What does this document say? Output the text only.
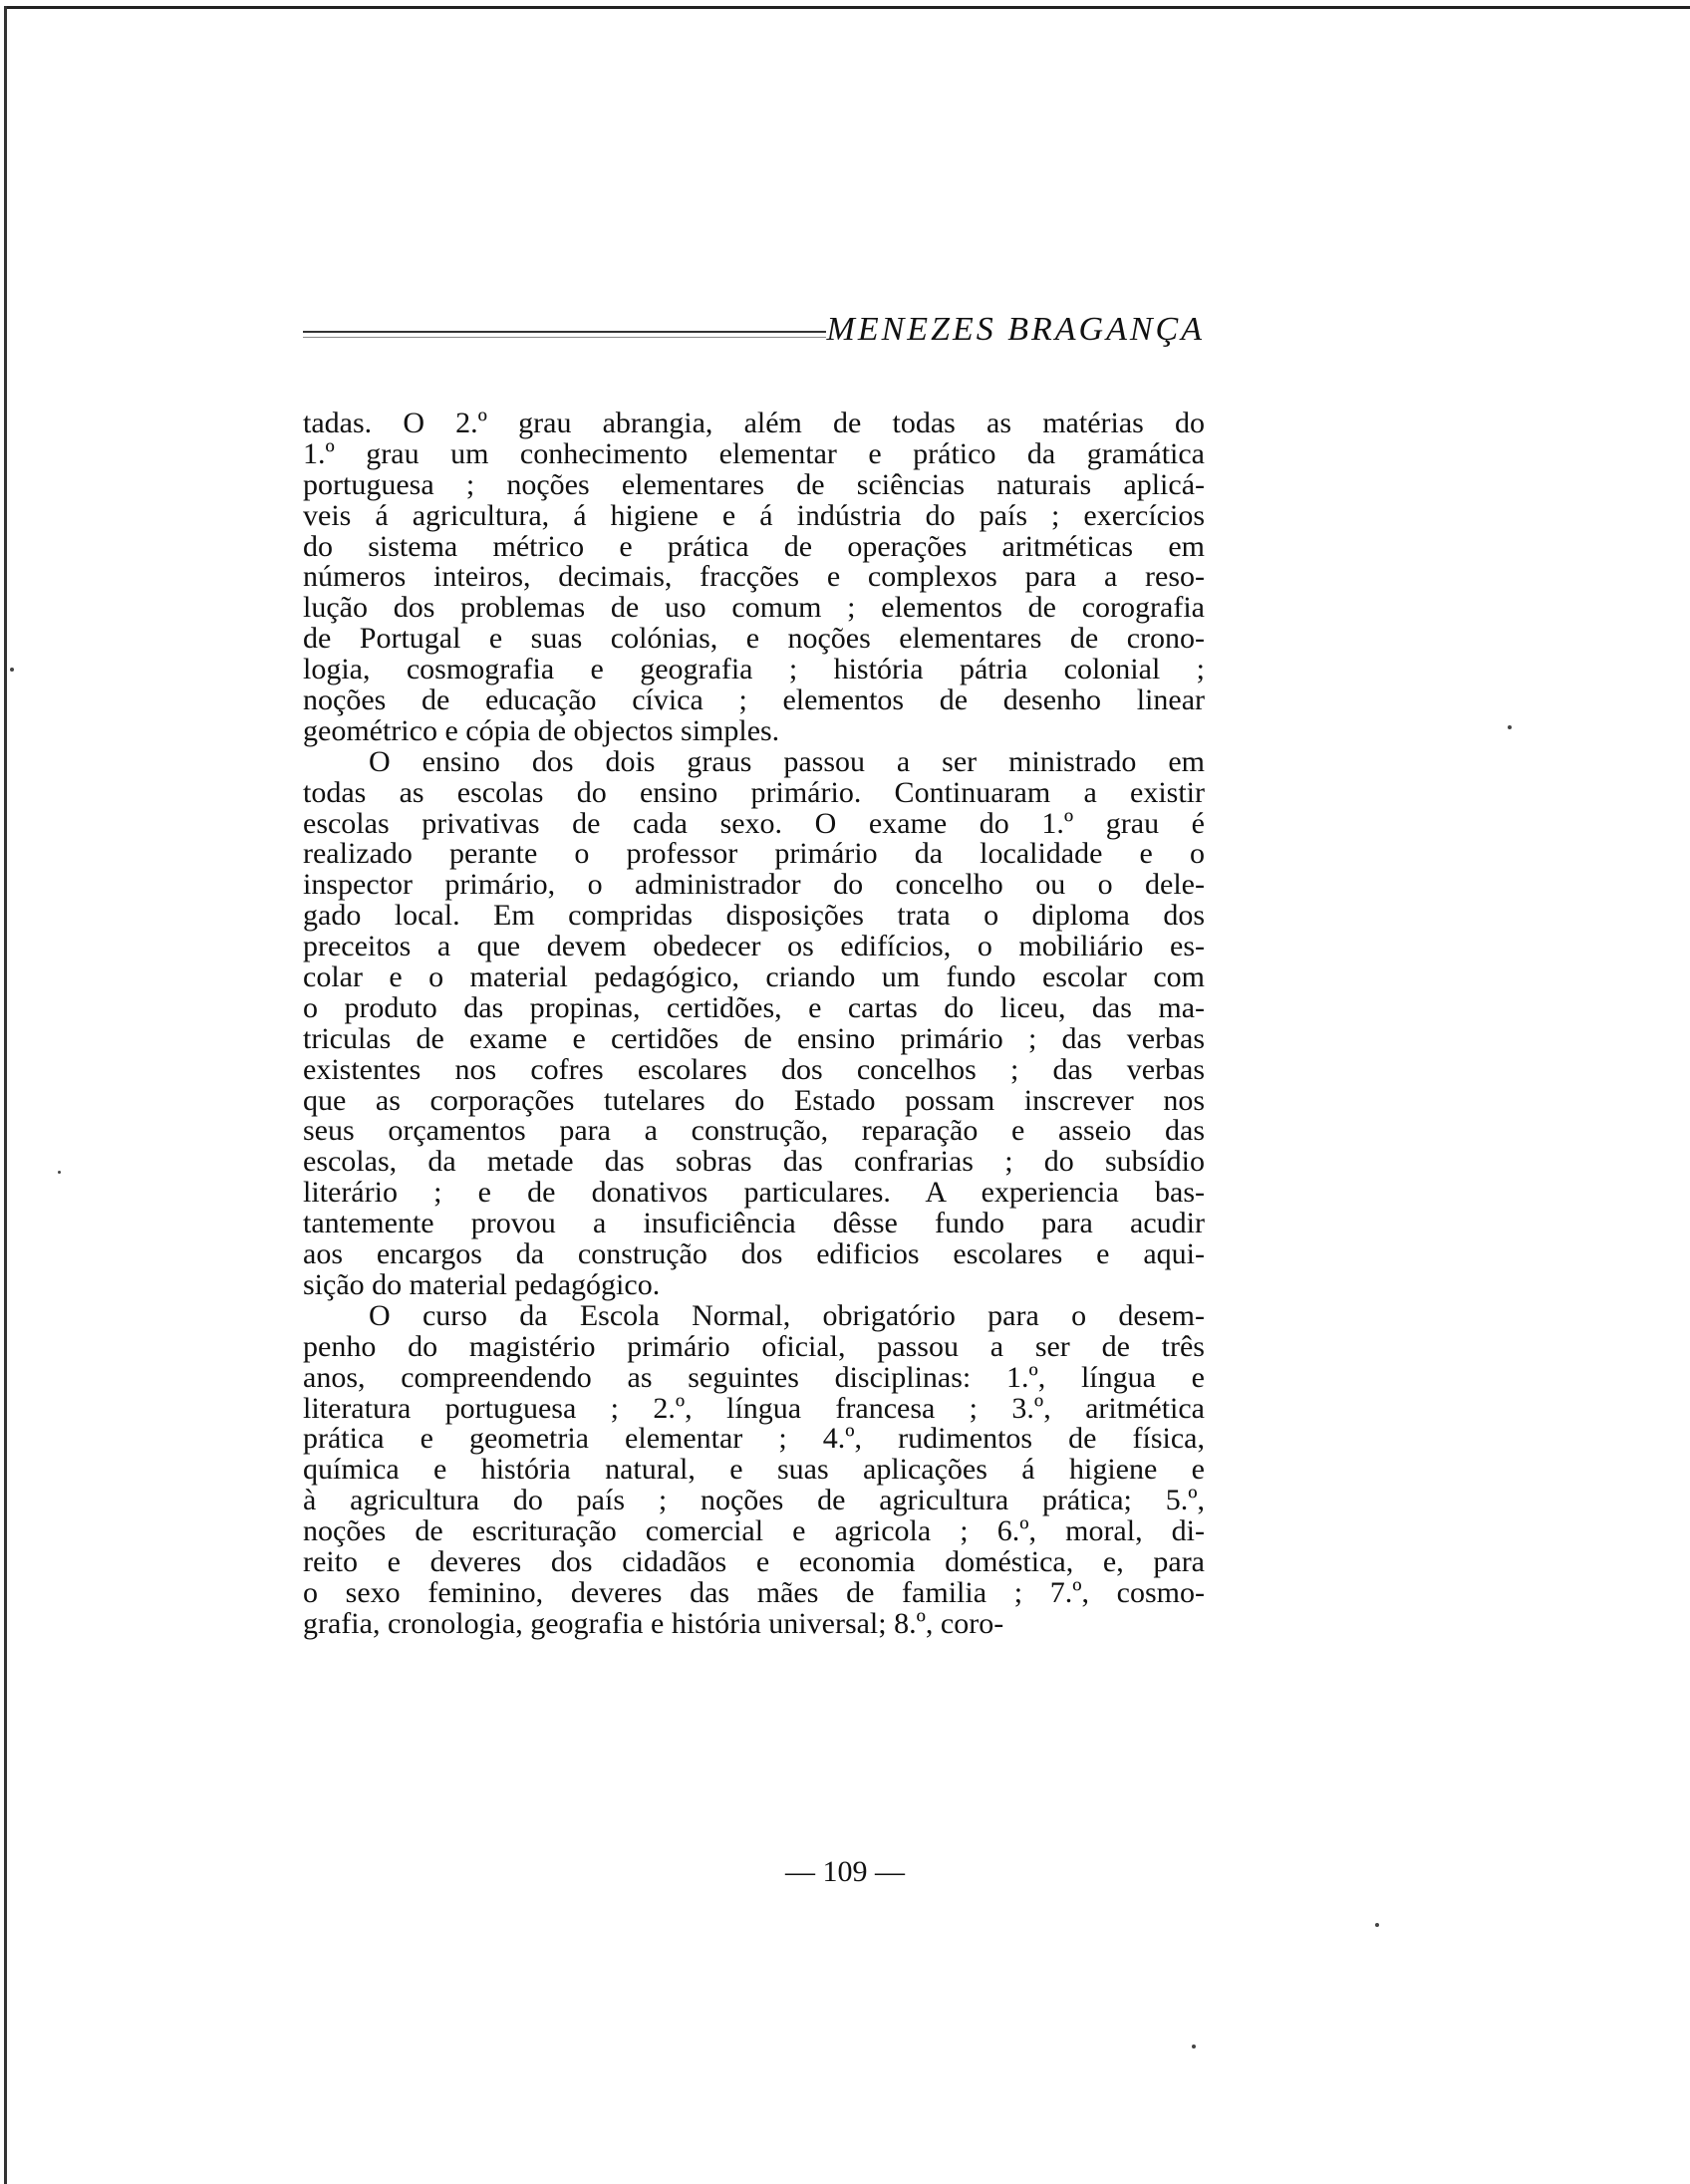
MENEZES BRAGANÇA
tadas. O 2.º grau abrangia, além de todas as matérias do
1.º grau um conhecimento elementar e prático da gramática
portuguesa ; noções elementares de sciências naturais aplicá-
veis á agricultura, á higiene e á indústria do país ; exercícios
do sistema métrico e prática de operações aritméticas em
números inteiros, decimais, fracções e complexos para a reso-
lução dos problemas de uso comum ; elementos de corografia
de Portugal e suas colónias, e noções elementares de crono-
logia, cosmografia e geografia ; história pátria colonial ;
noções de educação cívica ; elementos de desenho linear
geométrico e cópia de objectos simples.
O ensino dos dois graus passou a ser ministrado em
todas as escolas do ensino primário. Continuaram a existir
escolas privativas de cada sexo. O exame do 1.º grau é
realizado perante o professor primário da localidade e o
inspector primário, o administrador do concelho ou o dele-
gado local. Em compridas disposições trata o diploma dos
preceitos a que devem obedecer os edifícios, o mobiliário es-
colar e o material pedagógico, criando um fundo escolar com
o produto das propinas, certidões, e cartas do liceu, das ma-
triculas de exame e certidões de ensino primário ; das verbas
existentes nos cofres escolares dos concelhos ; das verbas
que as corporações tutelares do Estado possam inscrever nos
seus orçamentos para a construção, reparação e asseio das
escolas, da metade das sobras das confrarias ; do subsídio
literário ; e de donativos particulares. A experiencia bas-
tantemente provou a insuficiência dêsse fundo para acudir
aos encargos da construção dos edificios escolares e aqui-
sição do material pedagógico.
O curso da Escola Normal, obrigatório para o desem-
penho do magistério primário oficial, passou a ser de três
anos, compreendendo as seguintes disciplinas: 1.º, língua e
literatura portuguesa ; 2.º, língua francesa ; 3.º, aritmética
prática e geometria elementar ; 4.º, rudimentos de física,
química e história natural, e suas aplicações á higiene e
à agricultura do país ; noções de agricultura prática; 5.º,
noções de escrituração comercial e agricola ; 6.º, moral, di-
reito e deveres dos cidadãos e economia doméstica, e, para
o sexo feminino, deveres das mães de familia ; 7.º, cosmo-
grafia, cronologia, geografia e história universal; 8.º, coro-
— 109 —
